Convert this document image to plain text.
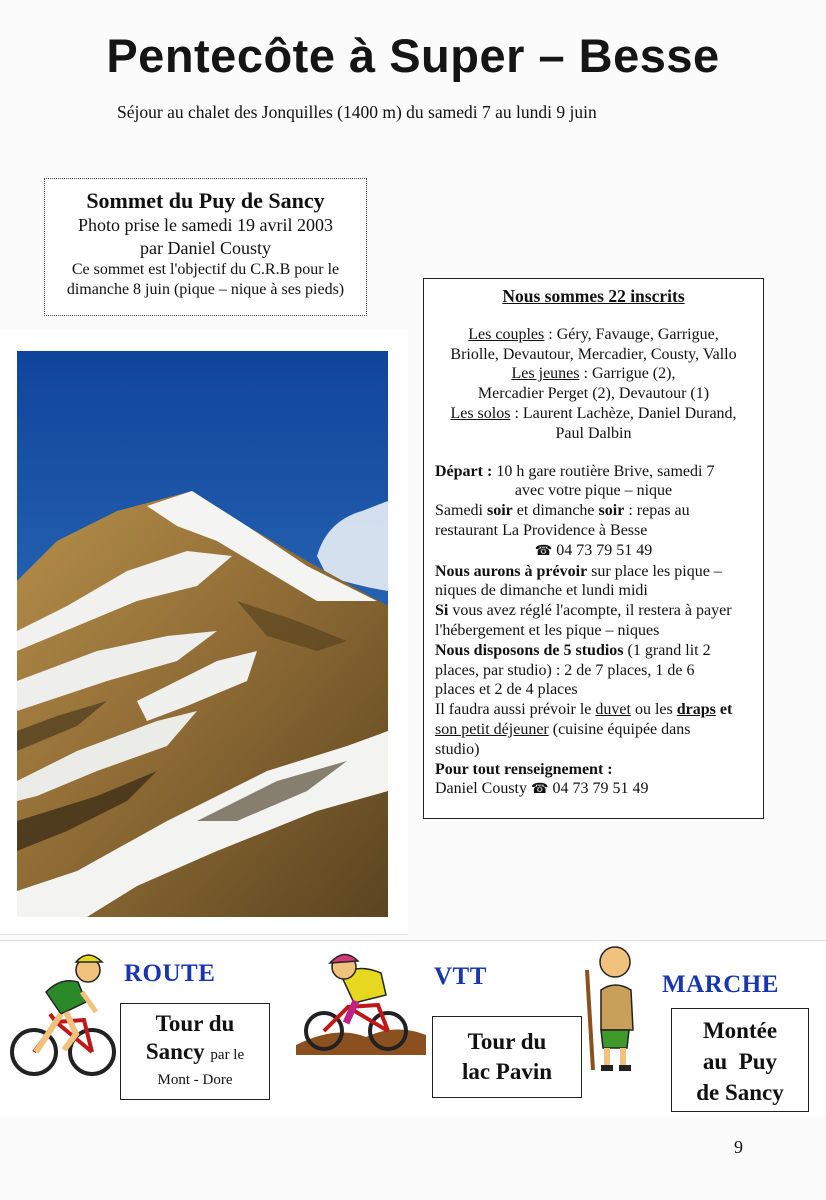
Pentecôte à Super – Besse
Séjour au chalet des Jonquilles (1400 m) du samedi 7 au lundi 9 juin
Sommet du Puy de Sancy
Photo prise le samedi 19 avril 2003
par Daniel Cousty
Ce sommet est l'objectif du C.R.B pour le dimanche 8 juin (pique – nique à ses pieds)	Nous sommes 22 inscrits
Les couples : Géry, Favauge, Garrigue,
Briolle, Devautour, Mercadier, Cousty, Vallo
Les jeunes : Garrigue (2),
Mercadier Perget (2), Devautour (1)
Les solos : Laurent Lachèze, Daniel Durand,
Paul Dalbin
Départ : 10 h gare routière Brive, samedi 7
avec votre pique – nique
Samedi soir et dimanche soir : repas au
restaurant La Providence à Besse
☎ 04 73 79 51 49
Nous aurons à prévoir sur place les pique –
niques de dimanche et lundi midi
Si vous avez réglé l'acompte, il restera à payer
l'hébergement et les pique – niques
Nous disposons de 5 studios (1 grand lit 2
places, par studio) : 2 de 7 places, 1 de 6
places et 2 de 4 places
Il faudra aussi prévoir le duvet ou les draps et
son petit déjeuner (cuisine équipée dans
studio)
Pour tout renseignement :
Daniel Cousty ☎ 04 73 79 51 49
ROUTE
Tour du
Sancy par le
Mont - Dore
VTT
Tour du
lac Pavin
MARCHE
Montée
au  Puy
de Sancy
9
